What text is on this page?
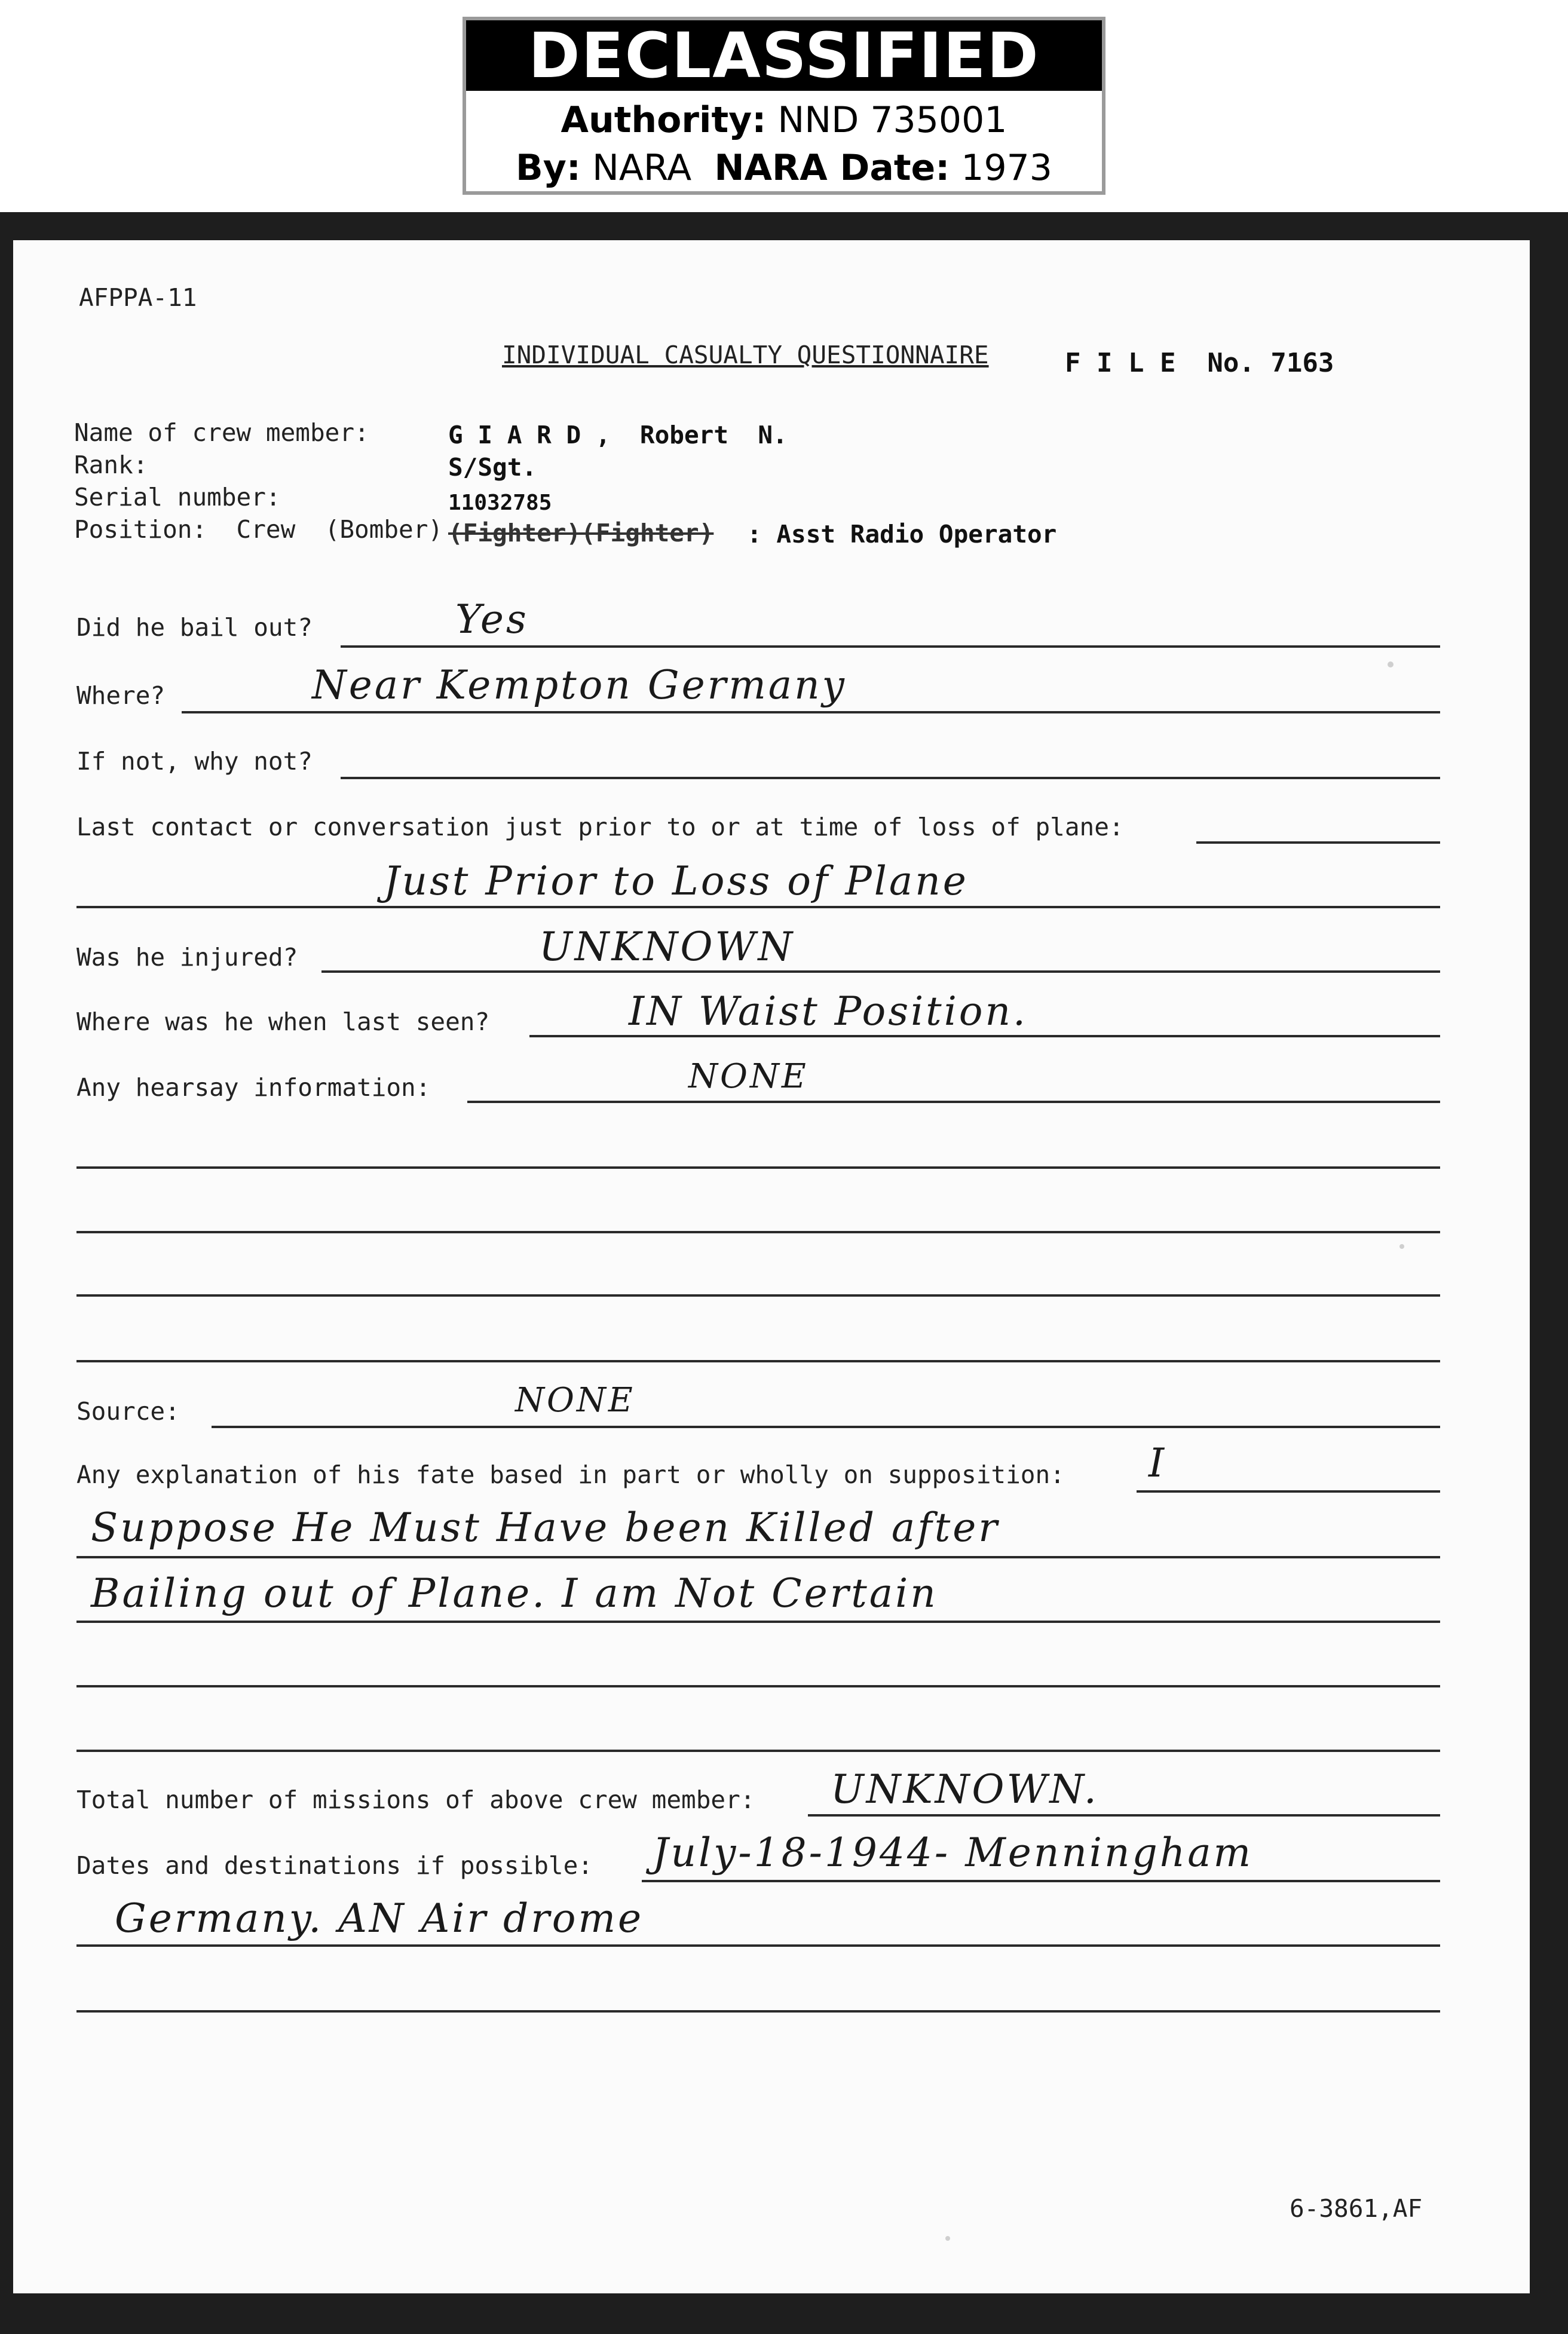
DECLASSIFIED
Authority: NND 735001
By: NARA NARA Date: 1973
AFPPA-11
INDIVIDUAL CASUALTY QUESTIONNAIRE	F I L E  No. 7163
Name of crew member:	G I A R D ,  Robert  N.
Rank:	S/Sgt.
Serial number:	11032785
Position:  Crew  (Bomber) (Fighter)(Fighter) : Asst Radio Operator
Did he bail out?	Yes
Where?	Near Kempton Germany
If not, why not?
Last contact or conversation just prior to or at time of loss of plane:
Just Prior to Loss of Plane
Was he injured?	UNKNOWN
Where was he when last seen?	IN Waist Position.
Any hearsay information:	NONE
Source:	NONE
Any explanation of his fate based in part or wholly on supposition: I
Suppose He Must Have been Killed after
Bailing out of Plane. I am Not Certain
Total number of missions of above crew member: UNKNOWN.
Dates and destinations if possible: July-18-1944- Menningham
Germany. AN Air drome
6-3861,AF
